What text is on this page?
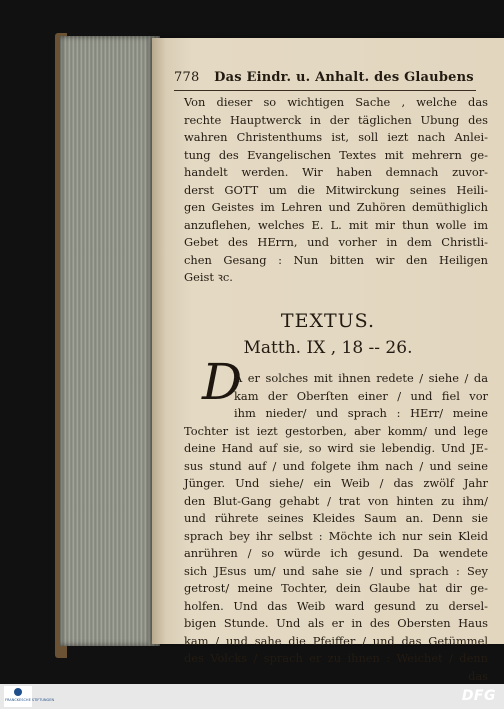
778 Das Eindr. u. Anhalt. des Glaubens
Von dieser so wichtigen Sache , welche das
rechte Hauptwerck in der täglichen Ubung des
wahren Christenthums ist, soll iezt nach Anlei-
tung des Evangelischen Textes mit mehrern ge-
handelt werden. Wir haben demnach zuvor-
derst GOTT um die Mitwirckung seines Heili-
gen Geistes im Lehren und Zuhören demüthiglich
anzuflehen, welches E. L. mit mir thun wolle im
Gebet des HErrn, und vorher in dem Christli-
chen Gesang : Nun bitten wir den Heiligen
Geist ꝛc.
TEXTUS.
Matth. IX , 18 -- 26.
D
A er solches mit ihnen redete / siehe / da
kam der Oberſten einer / und fiel vor
ihm nieder/ und sprach : HErr/ meine
Tochter ist iezt gestorben, aber komm/ und lege
deine Hand auf sie, so wird sie lebendig. Und JE-
sus stund auf / und folgete ihm nach / und seine
Jünger. Und siehe/ ein Weib / das zwölf Jahr
den Blut-Gang gehabt / trat von hinten zu ihm/
und rührete seines Kleides Saum an. Denn sie
sprach bey ihr selbst : Möchte ich nur sein Kleid
anrühren / so würde ich gesund. Da wendete
sich JEsus um/ und sahe sie / und sprach : Sey
getrost/ meine Tochter, dein Glaube hat dir ge-
holfen. Und das Weib ward gesund zu dersel-
bigen Stunde. Und als er in des Obersten Haus
kam / und sahe die Pfeiffer / und das Getümmel
des Volcks / sprach er zu ihnen : Weichet / denn
das
FRANCKESCHE STIFTUNGEN	DFG
